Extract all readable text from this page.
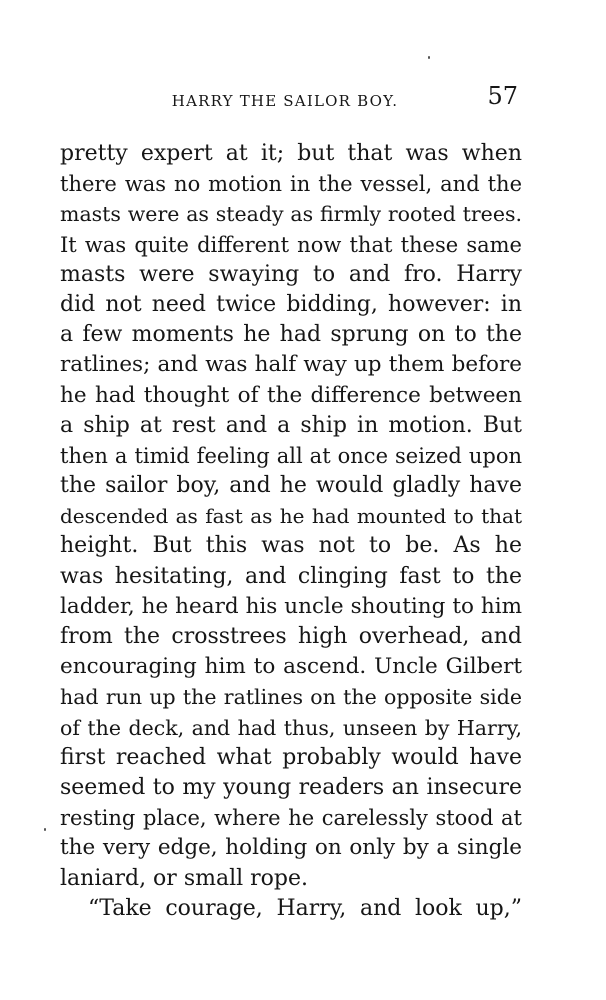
HARRY THE SAILOR BOY.	57
pretty expert at it; but that was when
there was no motion in the vessel, and the
masts were as steady as firmly rooted trees.
It was quite different now that these same
masts were swaying to and fro. Harry
did not need twice bidding, however: in
a few moments he had sprung on to the
ratlines; and was half way up them before
he had thought of the difference between
a ship at rest and a ship in motion. But
then a timid feeling all at once seized upon
the sailor boy, and he would gladly have
descended as fast as he had mounted to that
height. But this was not to be. As he
was hesitating, and clinging fast to the
ladder, he heard his uncle shouting to him
from the crosstrees high overhead, and
encouraging him to ascend. Uncle Gilbert
had run up the ratlines on the opposite side
of the deck, and had thus, unseen by Harry,
first reached what probably would have
seemed to my young readers an insecure
resting place, where he carelessly stood at
the very edge, holding on only by a single
laniard, or small rope.
“Take courage, Harry, and look up,”
